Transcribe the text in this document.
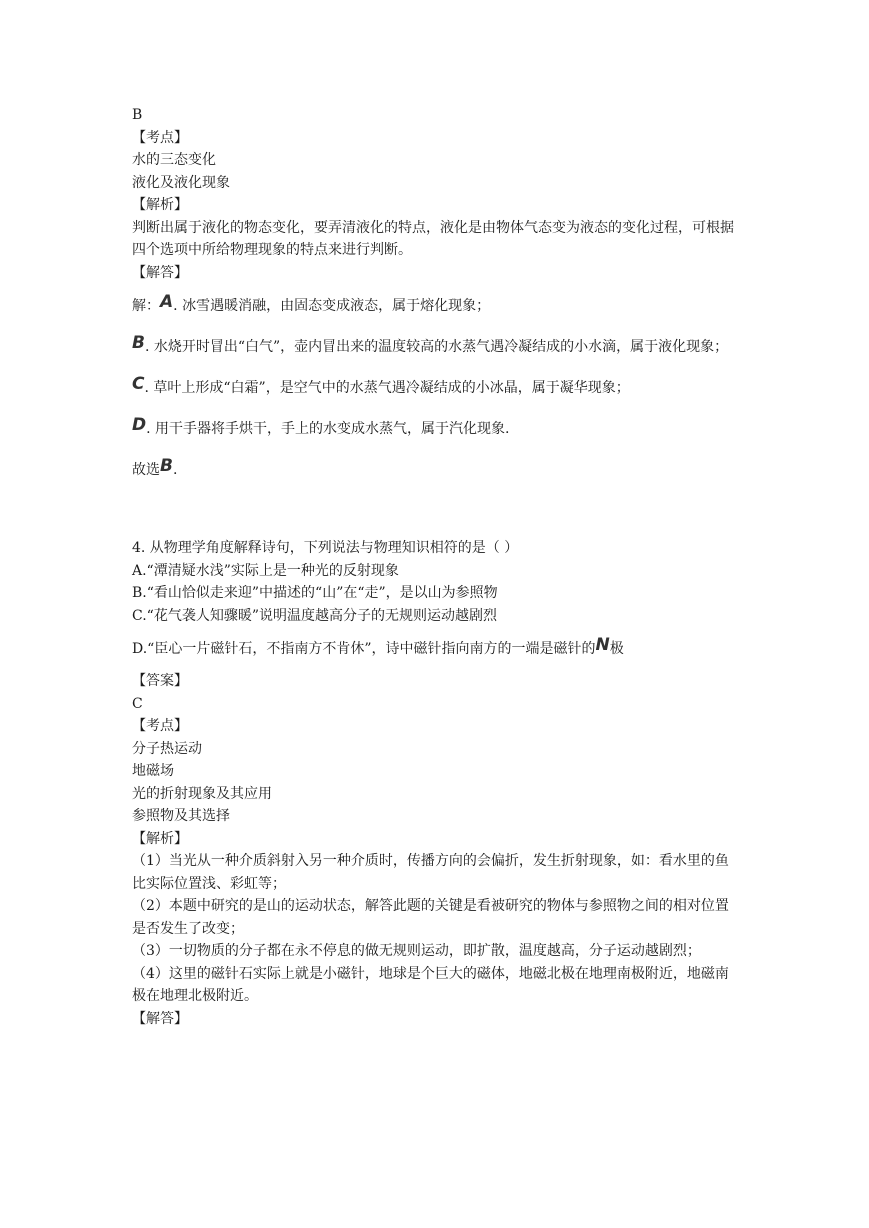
B
【考点】
水的三态变化
液化及液化现象
【解析】
判断出属于液化的物态变化，要弄清液化的特点，液化是由物体气态变为液态的变化过程，可根据四个选项中所给物理现象的特点来进行判断。
【解答】
解：A. 冰雪遇暖消融，由固态变成液态，属于熔化现象；
B. 水烧开时冒出“白气”，壶内冒出来的温度较高的水蒸气遇冷凝结成的小水滴，属于液化现象；
C. 草叶上形成“白霜”，是空气中的水蒸气遇冷凝结成的小冰晶，属于凝华现象；
D. 用干手器将手烘干，手上的水变成水蒸气，属于汽化现象.
故选B.
4. 从物理学角度解释诗句，下列说法与物理知识相符的是（ ）
A.“潭清疑水浅”实际上是一种光的反射现象
B.“看山恰似走来迎”中描述的“山”在“走”，是以山为参照物
C.“花气袭人知骤暖”说明温度越高分子的无规则运动越剧烈
D.“臣心一片磁针石，不指南方不肯休”，诗中磁针指向南方的一端是磁针的N极
【答案】
C
【考点】
分子热运动
地磁场
光的折射现象及其应用
参照物及其选择
【解析】
（1）当光从一种介质斜射入另一种介质时，传播方向的会偏折，发生折射现象，如：看水里的鱼比实际位置浅、彩虹等；
（2）本题中研究的是山的运动状态，解答此题的关键是看被研究的物体与参照物之间的相对位置是否发生了改变；
（3）一切物质的分子都在永不停息的做无规则运动，即扩散，温度越高，分子运动越剧烈；
（4）这里的磁针石实际上就是小磁针，地球是个巨大的磁体，地磁北极在地理南极附近，地磁南极在地理北极附近。
【解答】
